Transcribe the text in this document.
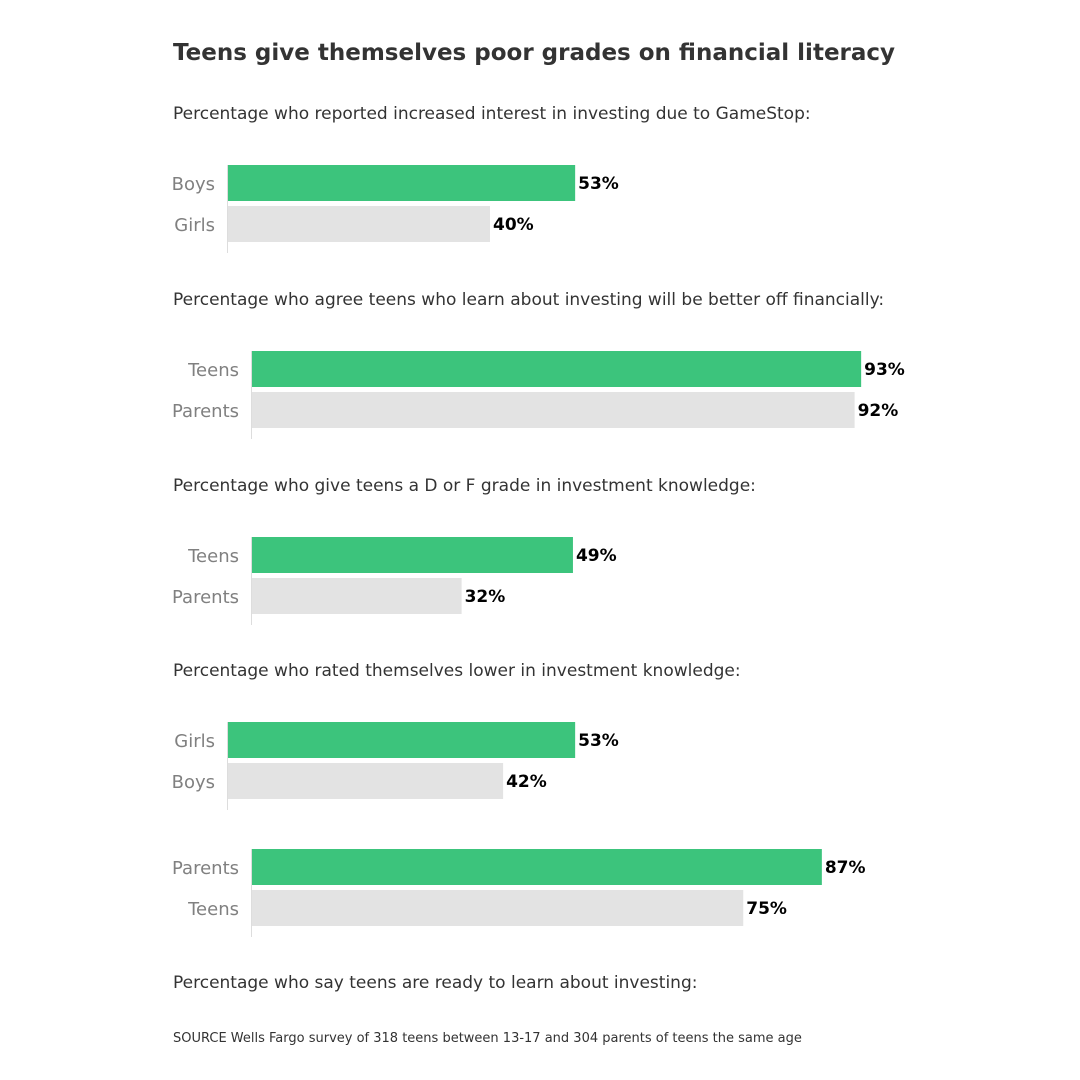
Teens give themselves poor grades on financial literacy
Percentage who reported increased interest in investing due to GameStop:
Boys	53%
Girls	40%
Percentage who agree teens who learn about investing will be better off financially:
Teens	93%
Parents	92%
Percentage who give teens a D or F grade in investment knowledge:
Teens	49%
Parents	32%
Percentage who rated themselves lower in investment knowledge:
Girls	53%
Boys	42%
Percentage who say teens are ready to learn about investing:
Parents	87%
Teens	75%
SOURCE Wells Fargo survey of 318 teens between 13-17 and 304 parents of teens the same age
